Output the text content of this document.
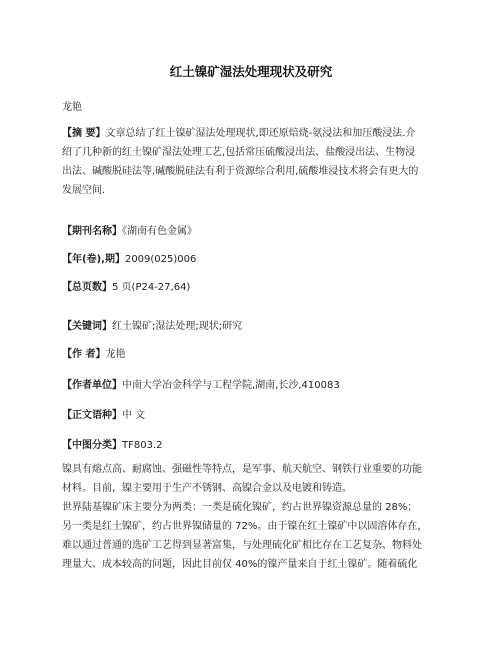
红土镍矿湿法处理现状及研究
龙艳
【摘 要】文章总结了红土镍矿湿法处理现状,即还原焙烧-氨浸法和加压酸浸法.介
绍了几种新的红土镍矿湿法处理工艺,包括常压硫酸浸出法、盐酸浸出法、生物浸
出法、碱酸脱硅法等.碱酸脱硅法有利于资源综合利用,硫酸堆浸技术将会有更大的
发展空间.
【期刊名称】《湖南有色金属》
【年(卷),期】2009(025)006
【总页数】5 页(P24-27,64)
【关键词】红土镍矿;湿法处理;现状;研究
【作 者】龙艳
【作者单位】中南大学冶金科学与工程学院,湖南,长沙,410083
【正文语种】中 文
【中图分类】TF803.2
镍具有熔点高、耐腐蚀、强磁性等特点，是军事、航天航空、钢铁行业重要的功能
材料。目前，镍主要用于生产不锈钢、高镍合金以及电镀和铸造。
世界陆基镍矿床主要分为两类：一类是硫化镍矿，约占世界镍资源总量的 28%；
另一类是红土镍矿，约占世界镍储量的 72%。由于镍在红土镍矿中以固溶体存在，
难以通过普通的选矿工艺得到显著富集，与处理硫化矿相比存在工艺复杂、物料处
理量大、成本较高的问题，因此目前仅 40%的镍产量来自于红土镍矿。随着硫化
